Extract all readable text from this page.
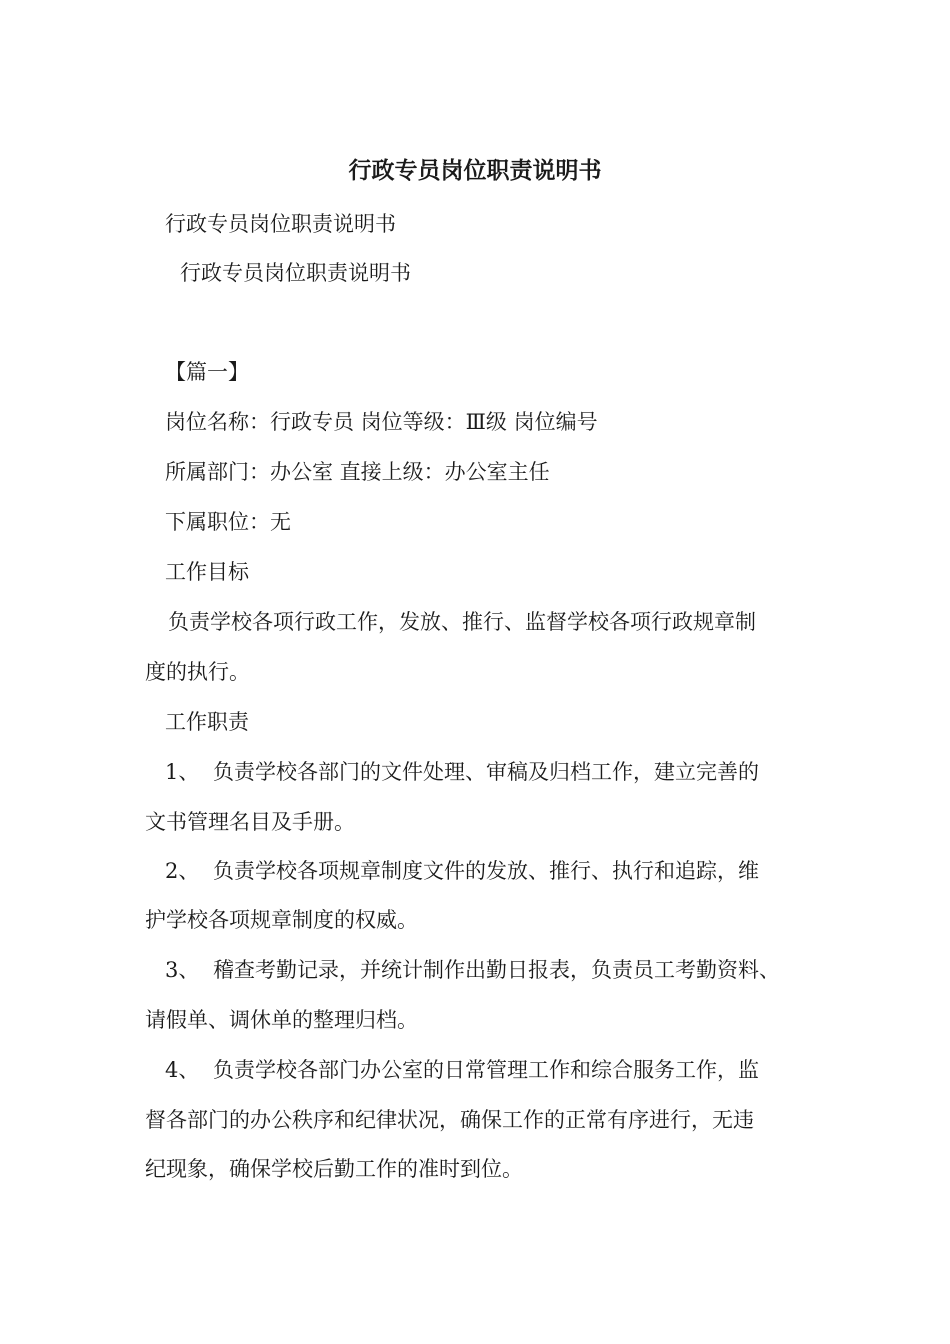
行政专员岗位职责说明书
行政专员岗位职责说明书
行政专员岗位职责说明书
【篇一】
岗位名称：行政专员 岗位等级：Ⅲ级 岗位编号
所属部门：办公室 直接上级：办公室主任
下属职位：无
工作目标
负责学校各项行政工作，发放、推行、监督学校各项行政规章制
度的执行。
工作职责
1、 负责学校各部门的文件处理、审稿及归档工作，建立完善的
文书管理名目及手册。
2、 负责学校各项规章制度文件的发放、推行、执行和追踪，维
护学校各项规章制度的权威。
3、 稽查考勤记录，并统计制作出勤日报表，负责员工考勤资料、
请假单、调休单的整理归档。
4、 负责学校各部门办公室的日常管理工作和综合服务工作，监
督各部门的办公秩序和纪律状况，确保工作的正常有序进行，无违
纪现象，确保学校后勤工作的准时到位。
